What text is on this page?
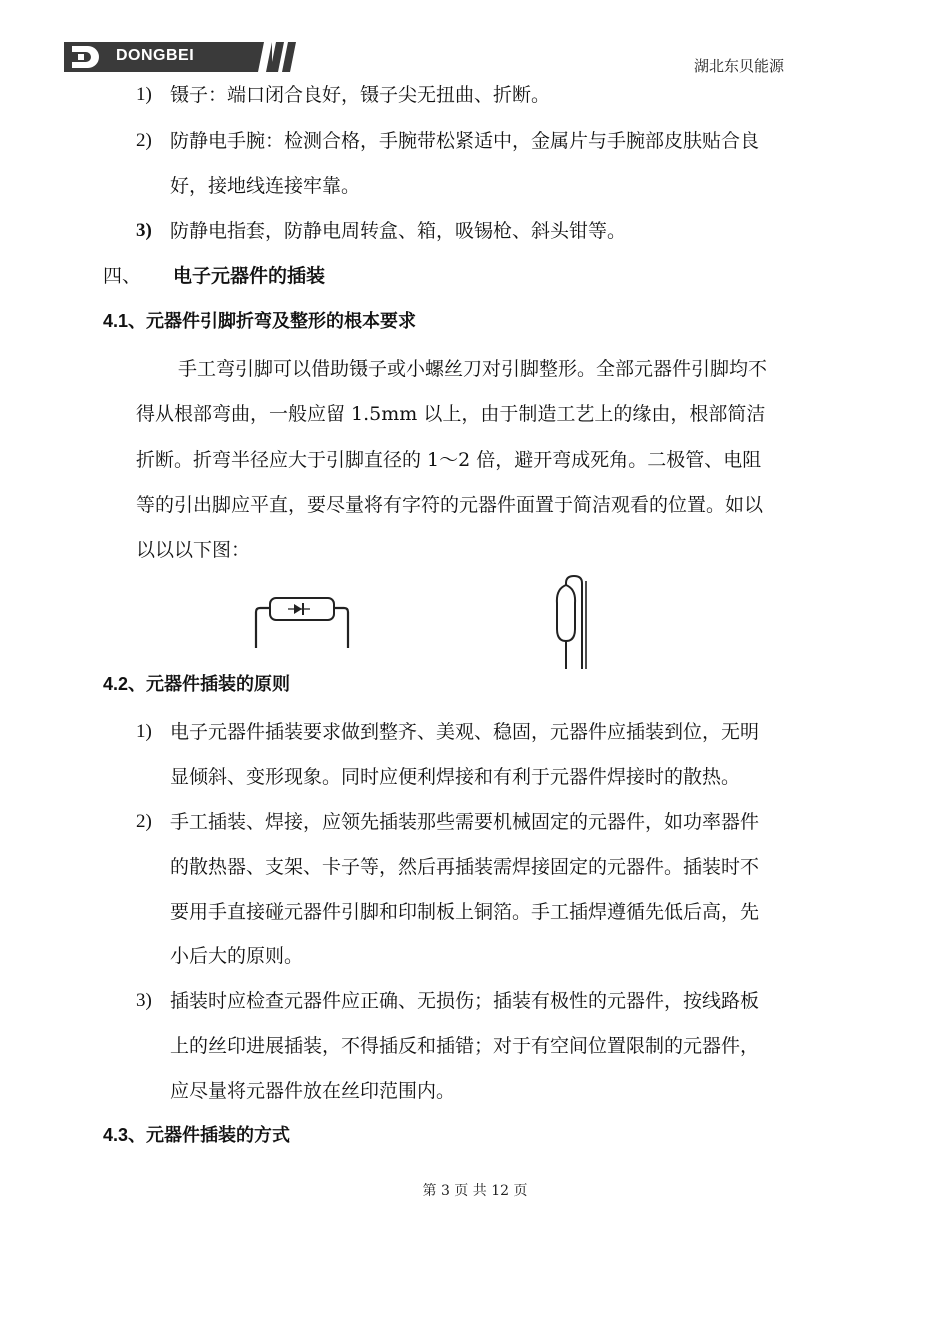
DONGBEI
湖北东贝能源
1) 镊子：端口闭合良好，镊子尖无扭曲、折断。
2) 防静电手腕：检测合格，手腕带松紧适中，金属片与手腕部皮肤贴合良
好，接地线连接牢靠。
3) 防静电指套，防静电周转盒、箱，吸锡枪、斜头钳等。
四、 电子元器件的插装
4.1、元器件引脚折弯及整形的根本要求
手工弯引脚可以借助镊子或小螺丝刀对引脚整形。全部元器件引脚均不
得从根部弯曲，一般应留 1.5mm 以上，由于制造工艺上的缘由，根部简洁
折断。折弯半径应大于引脚直径的 1～2 倍，避开弯成死角。二极管、电阻
等的引出脚应平直，要尽量将有字符的元器件面置于简洁观看的位置。如以
以以以下图：
4.2、元器件插装的原则
1) 电子元器件插装要求做到整齐、美观、稳固，元器件应插装到位，无明
显倾斜、变形现象。同时应便利焊接和有利于元器件焊接时的散热。
2) 手工插装、焊接，应领先插装那些需要机械固定的元器件，如功率器件
的散热器、支架、卡子等，然后再插装需焊接固定的元器件。插装时不
要用手直接碰元器件引脚和印制板上铜箔。手工插焊遵循先低后高，先
小后大的原则。
3) 插装时应检查元器件应正确、无损伤；插装有极性的元器件，按线路板
上的丝印进展插装，不得插反和插错；对于有空间位置限制的元器件，
应尽量将元器件放在丝印范围内。
4.3、元器件插装的方式
第 3 页 共 12 页
